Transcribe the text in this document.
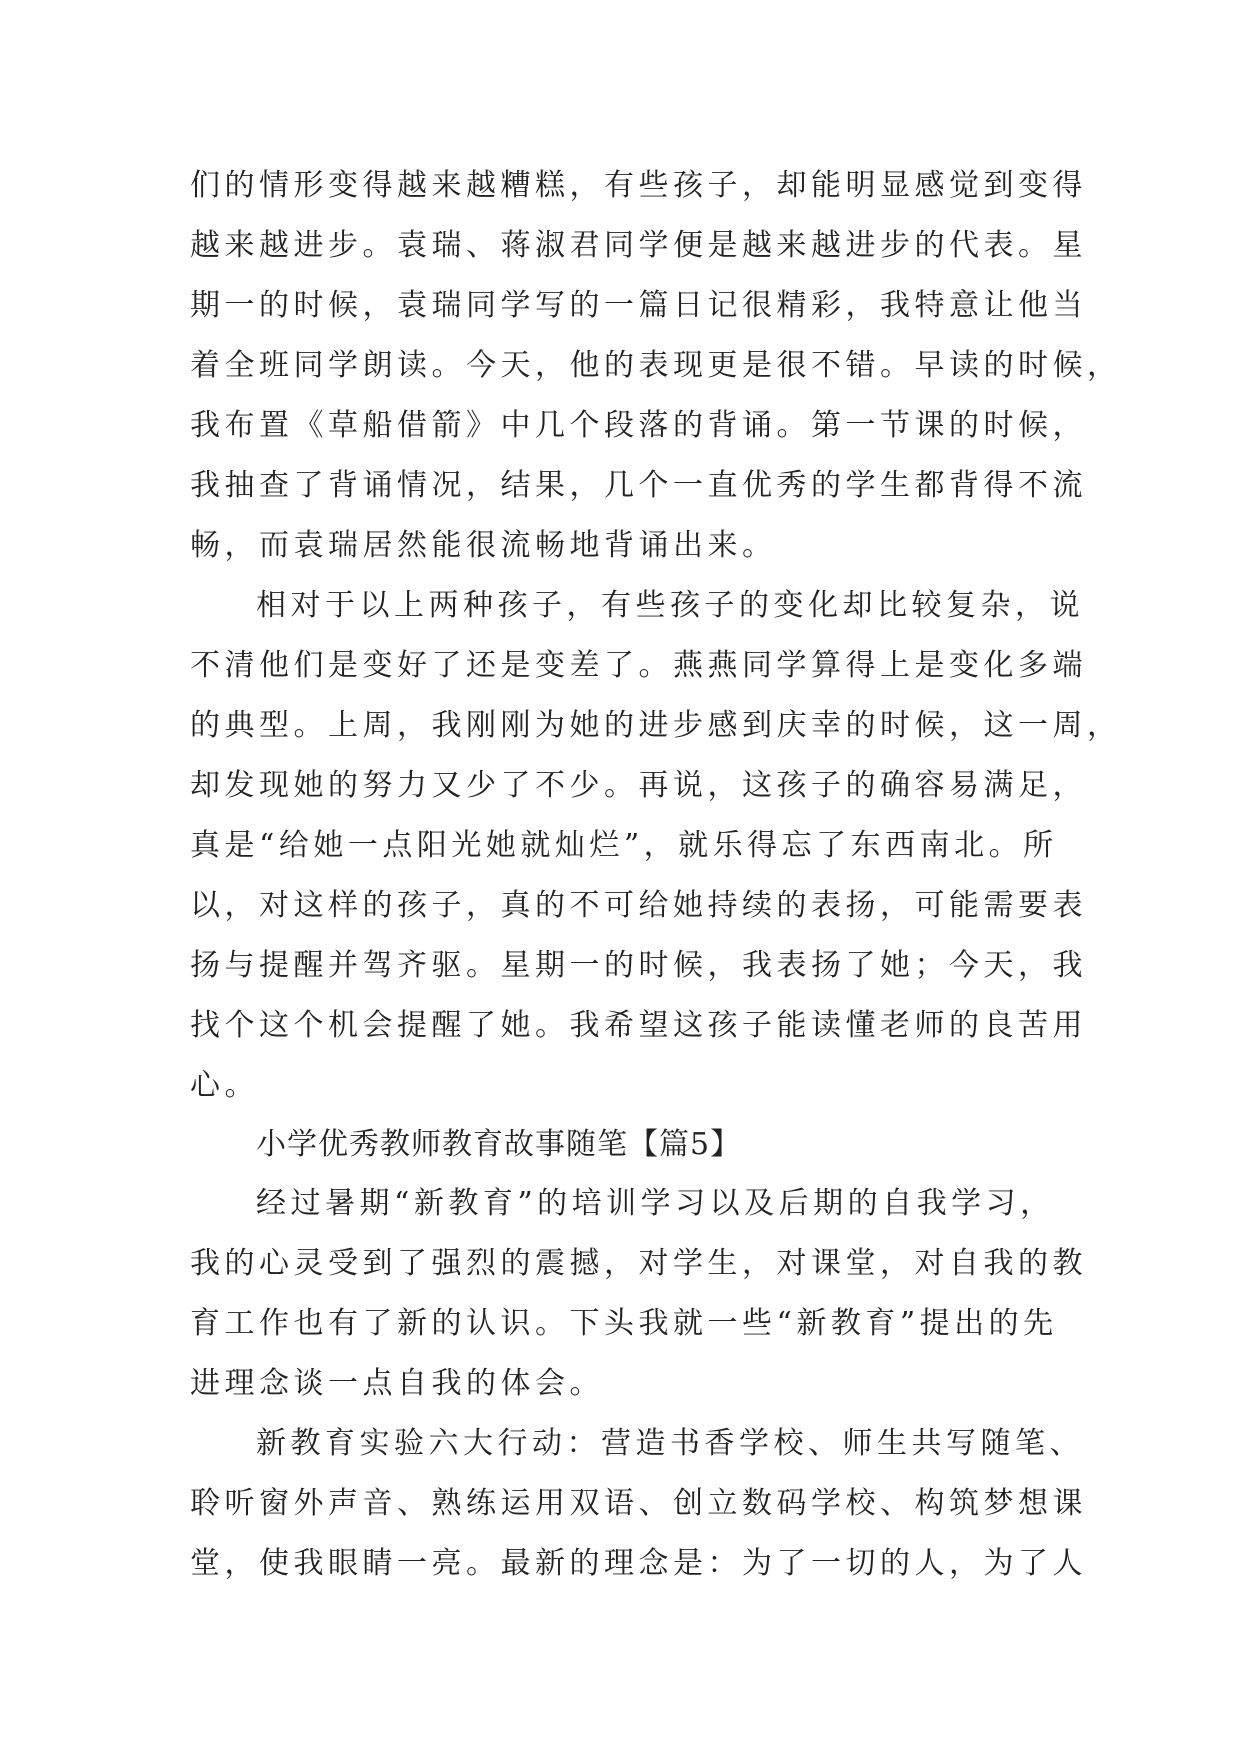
们的情形变得越来越糟糕，有些孩子，却能明显感觉到变得
越来越进步。袁瑞、蒋淑君同学便是越来越进步的代表。星
期一的时候，袁瑞同学写的一篇日记很精彩，我特意让他当
着全班同学朗读。今天，他的表现更是很不错。早读的时候，
我布置《草船借箭》中几个段落的背诵。第一节课的时候，
我抽查了背诵情况，结果，几个一直优秀的学生都背得不流
畅，而袁瑞居然能很流畅地背诵出来。
相对于以上两种孩子，有些孩子的变化却比较复杂，说
不清他们是变好了还是变差了。燕燕同学算得上是变化多端
的典型。上周，我刚刚为她的进步感到庆幸的时候，这一周，
却发现她的努力又少了不少。再说，这孩子的确容易满足，
真是“给她一点阳光她就灿烂”，就乐得忘了东西南北。所
以，对这样的孩子，真的不可给她持续的表扬，可能需要表
扬与提醒并驾齐驱。星期一的时候，我表扬了她；今天，我
找个这个机会提醒了她。我希望这孩子能读懂老师的良苦用
心。
小学优秀教师教育故事随笔【篇5】
经过暑期“新教育”的培训学习以及后期的自我学习，
我的心灵受到了强烈的震撼，对学生，对课堂，对自我的教
育工作也有了新的认识。下头我就一些“新教育”提出的先
进理念谈一点自我的体会。
新教育实验六大行动：营造书香学校、师生共写随笔、
聆听窗外声音、熟练运用双语、创立数码学校、构筑梦想课
堂，使我眼睛一亮。最新的理念是：为了一切的人，为了人
